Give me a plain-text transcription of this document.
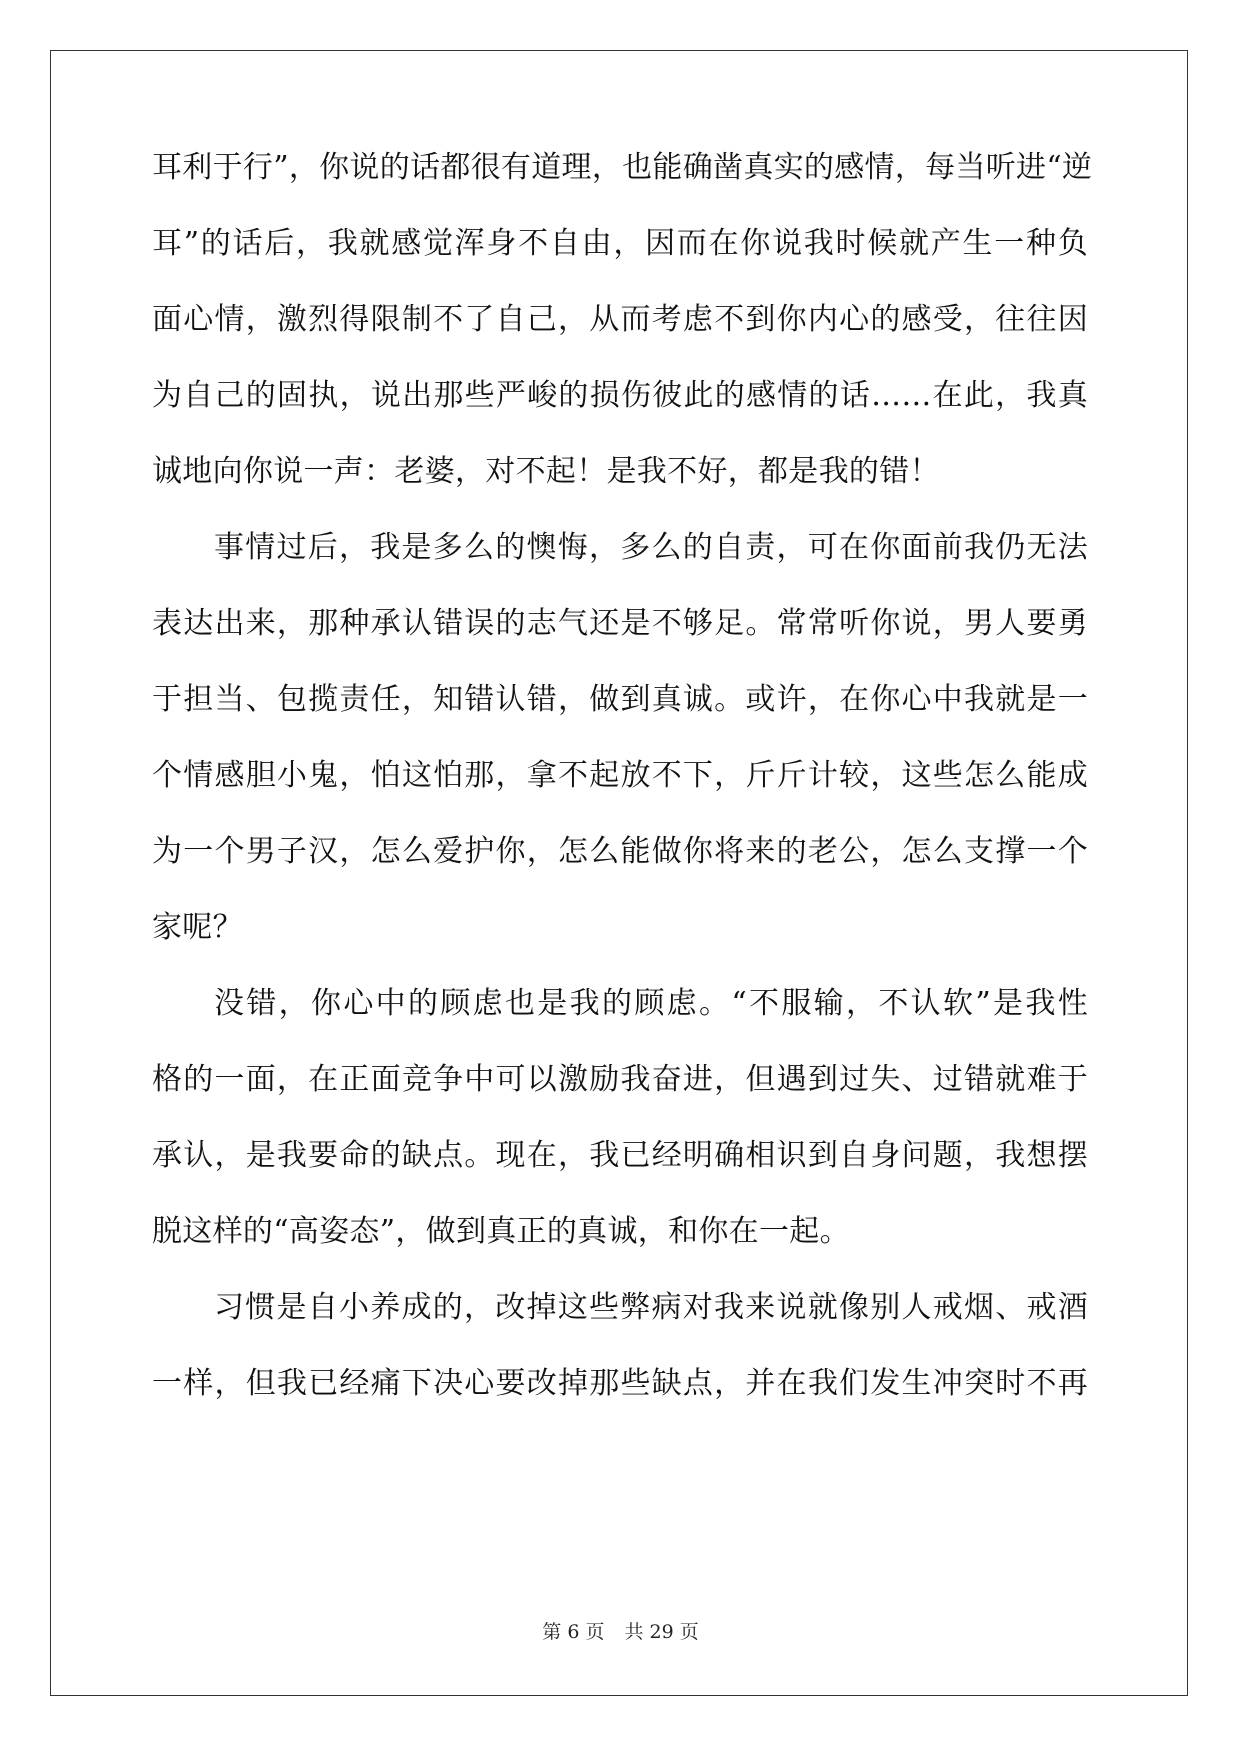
耳利于行”，你说的话都很有道理，也能确凿真实的感情，每当听进“逆
耳”的话后，我就感觉浑身不自由，因而在你说我时候就产生一种负
面心情，激烈得限制不了自己，从而考虑不到你内心的感受，往往因
为自己的固执，说出那些严峻的损伤彼此的感情的话……在此，我真
诚地向你说一声：老婆，对不起！是我不好，都是我的错！
事情过后，我是多么的懊悔，多么的自责，可在你面前我仍无法
表达出来，那种承认错误的志气还是不够足。常常听你说，男人要勇
于担当、包揽责任，知错认错，做到真诚。或许，在你心中我就是一
个情感胆小鬼，怕这怕那，拿不起放不下，斤斤计较，这些怎么能成
为一个男子汉，怎么爱护你，怎么能做你将来的老公，怎么支撑一个
家呢？
没错，你心中的顾虑也是我的顾虑。“不服输，不认软”是我性
格的一面，在正面竞争中可以激励我奋进，但遇到过失、过错就难于
承认，是我要命的缺点。现在，我已经明确相识到自身问题，我想摆
脱这样的“高姿态”，做到真正的真诚，和你在一起。
习惯是自小养成的，改掉这些弊病对我来说就像别人戒烟、戒酒
一样，但我已经痛下决心要改掉那些缺点，并在我们发生冲突时不再
第 6 页 共 29 页
